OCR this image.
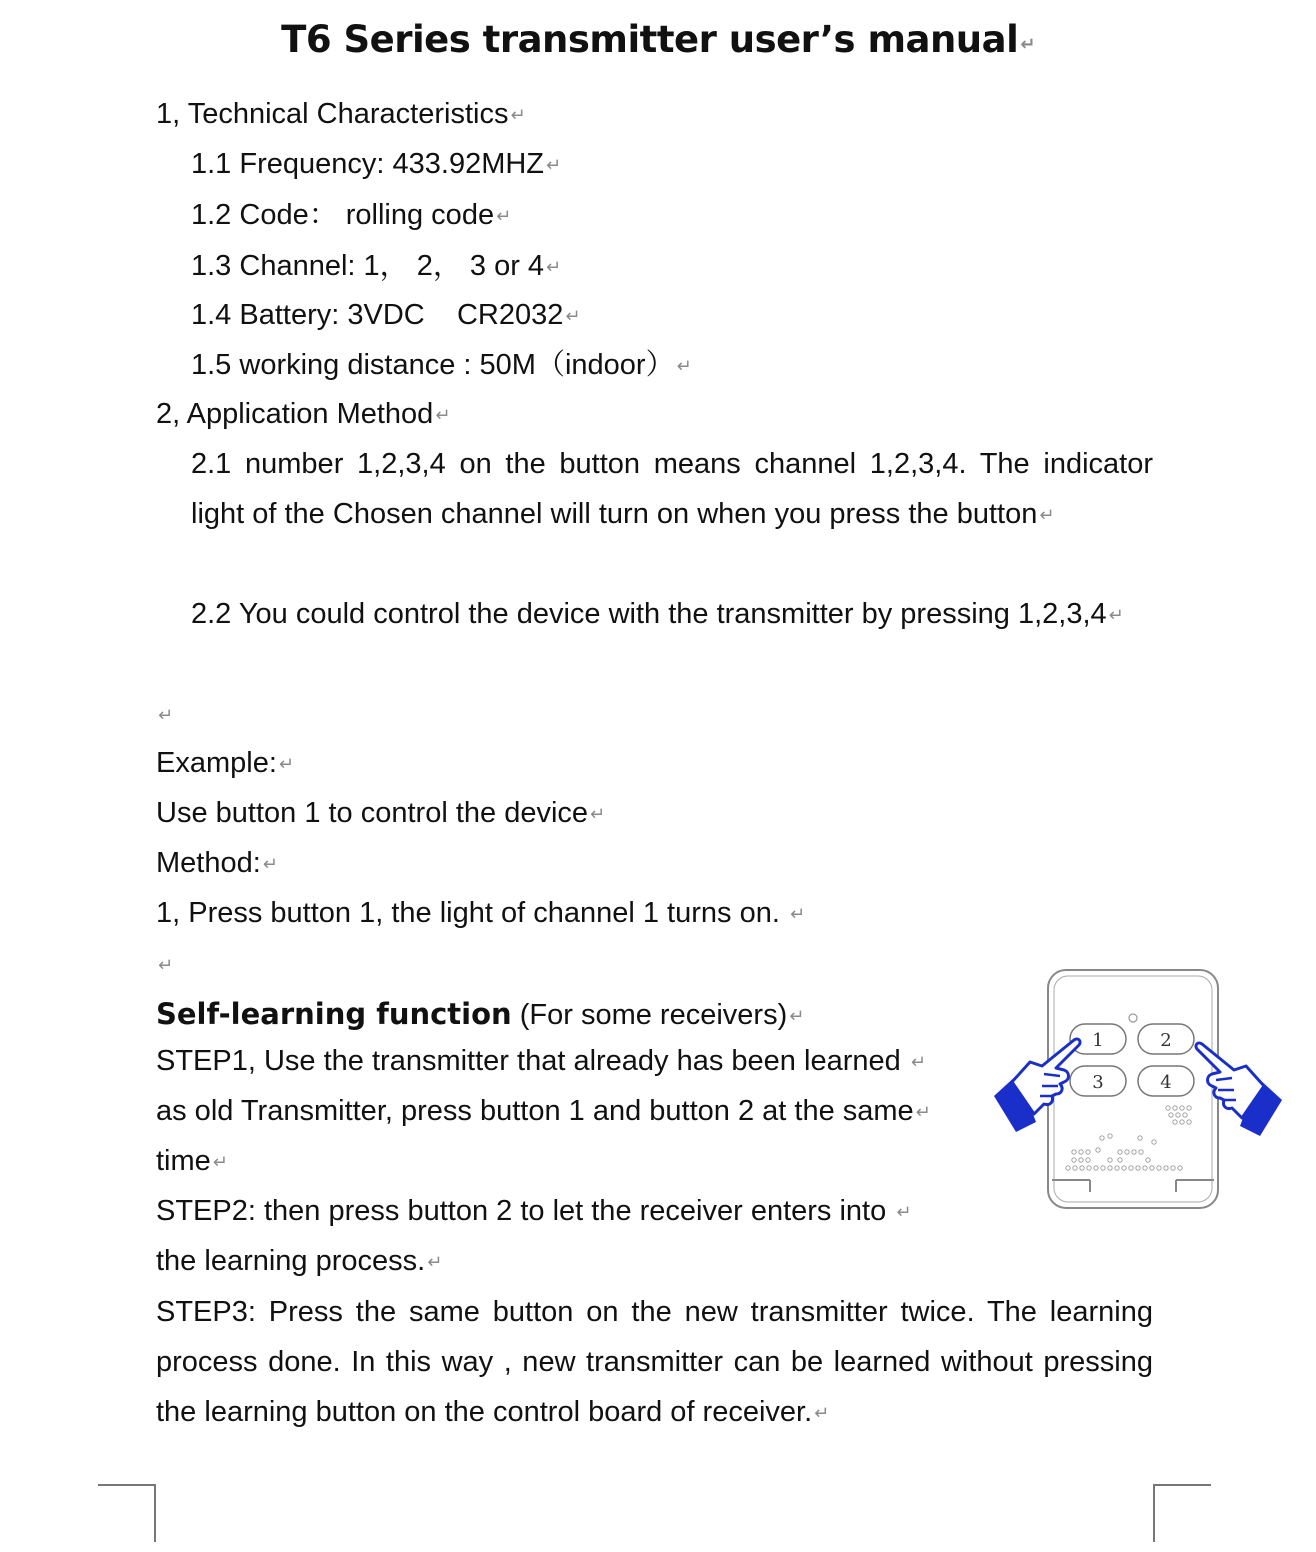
T6 Series transmitter user’s manual ↵
1, Technical Characteristics ↵
1.1 Frequency: 433.92MHZ ↵
1.2 Code： rolling code ↵
1.3 Channel: 1， 2， 3 or 4 ↵
1.4 Battery: 3VDC    CR2032 ↵
1.5 working distance : 50M（indoor） ↵
2, Application Method ↵
2.1 number 1,2,3,4 on the button means channel 1,2,3,4. The indicator light of the Chosen channel will turn on when you press the button ↵
2.2 You could control the device with the transmitter by pressing 1,2,3,4 ↵
↵
Example: ↵
Use button 1 to control the device ↵
Method: ↵
1, Press button 1, the light of channel 1 turns on. ↵
↵
Self-learning function (For some receivers) ↵
STEP1, Use the transmitter that already has been learned ↵
as old Transmitter, press button 1 and button 2 at the same ↵
time ↵
STEP2: then press button 2 to let the receiver enters into ↵
the learning process. ↵
STEP3: Press the same button on the new transmitter twice. The learning process done. In this way , new transmitter can be learned without pressing the learning button on the control board of receiver. ↵
1	2
3	4
